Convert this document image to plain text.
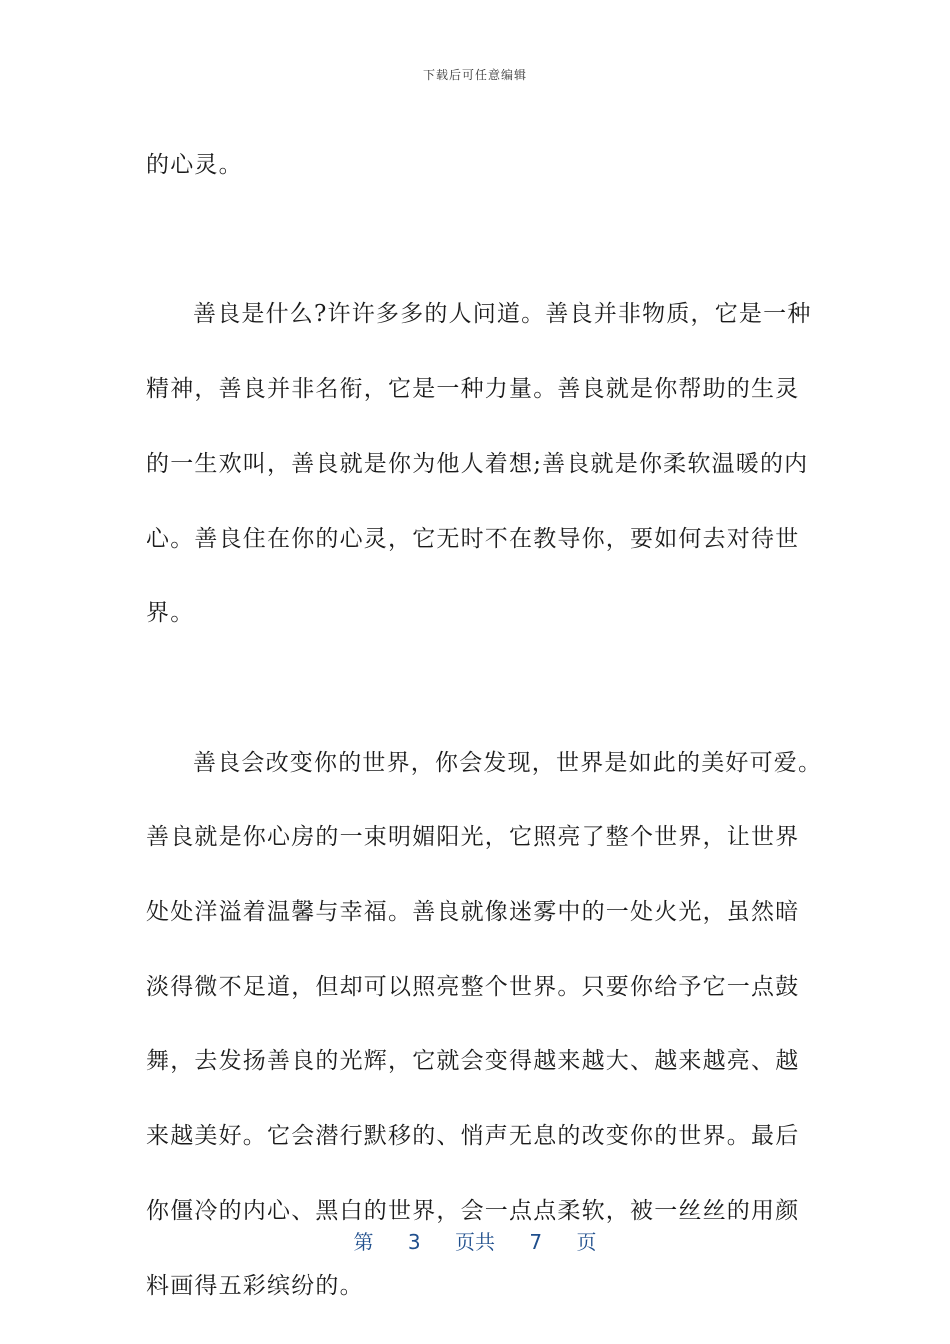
下载后可任意编辑
的心灵。
善良是什么?许许多多的人问道。善良并非物质，它是一种
精神，善良并非名衔，它是一种力量。善良就是你帮助的生灵
的一生欢叫，善良就是你为他人着想;善良就是你柔软温暖的内
心。善良住在你的心灵，它无时不在教导你，要如何去对待世
界。
善良会改变你的世界，你会发现，世界是如此的美好可爱。
善良就是你心房的一束明媚阳光，它照亮了整个世界，让世界
处处洋溢着温馨与幸福。善良就像迷雾中的一处火光，虽然暗
淡得微不足道，但却可以照亮整个世界。只要你给予它一点鼓
舞，去发扬善良的光辉，它就会变得越来越大、越来越亮、越
来越美好。它会潜行默移的、悄声无息的改变你的世界。最后
你僵冷的内心、黑白的世界，会一点点柔软，被一丝丝的用颜
料画得五彩缤纷的。
第 3 页共 7 页
